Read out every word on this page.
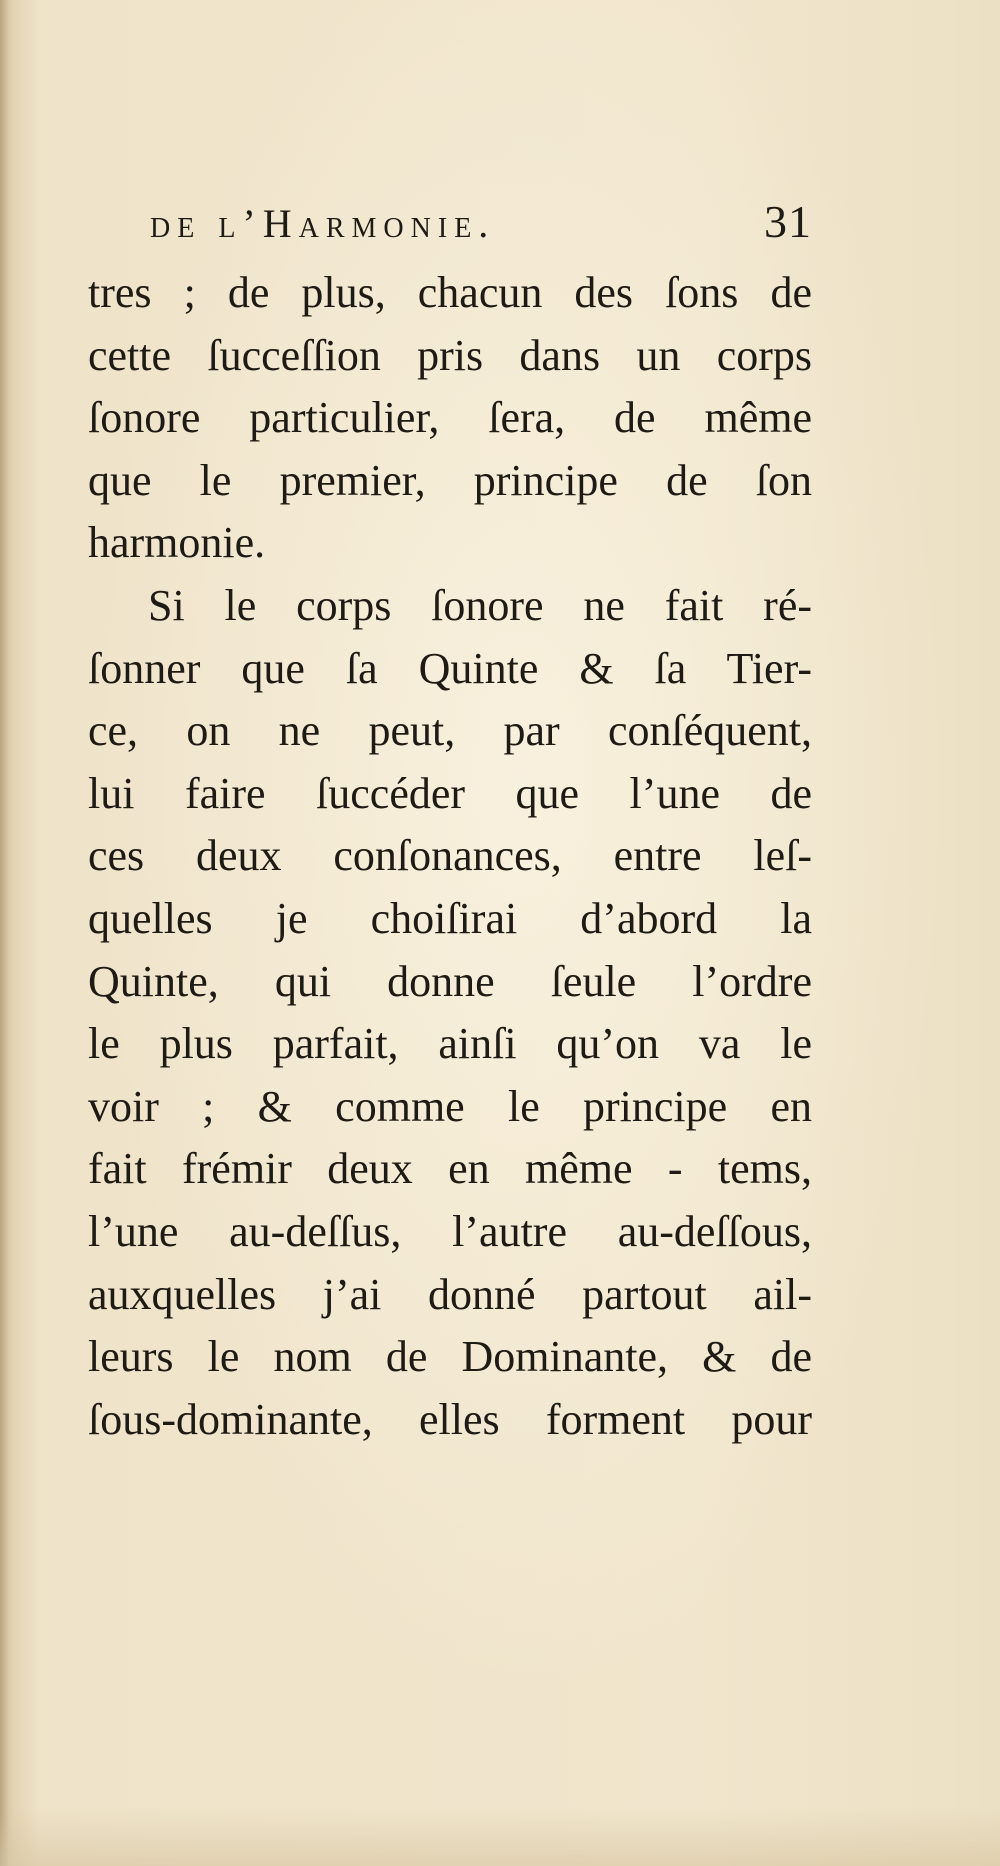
de l’Harmonie.	31
tres ; de plus, chacun des ſons de
cette ſucceſſion pris dans un corps
ſonore particulier, ſera, de même
que le premier, principe de ſon
harmonie.
Si le corps ſonore ne fait ré-
ſonner que ſa Quinte & ſa Tier-
ce, on ne peut, par conſéquent,
lui faire ſuccéder que l’une de
ces deux conſonances, entre leſ-
quelles je choiſirai d’abord la
Quinte, qui donne ſeule l’ordre
le plus parfait, ainſi qu’on va le
voir ; & comme le principe en
fait frémir deux en même - tems,
l’une au-deſſus, l’autre au-deſſous,
auxquelles j’ai donné partout ail-
leurs le nom de Dominante, & de
ſous-dominante, elles forment pour
